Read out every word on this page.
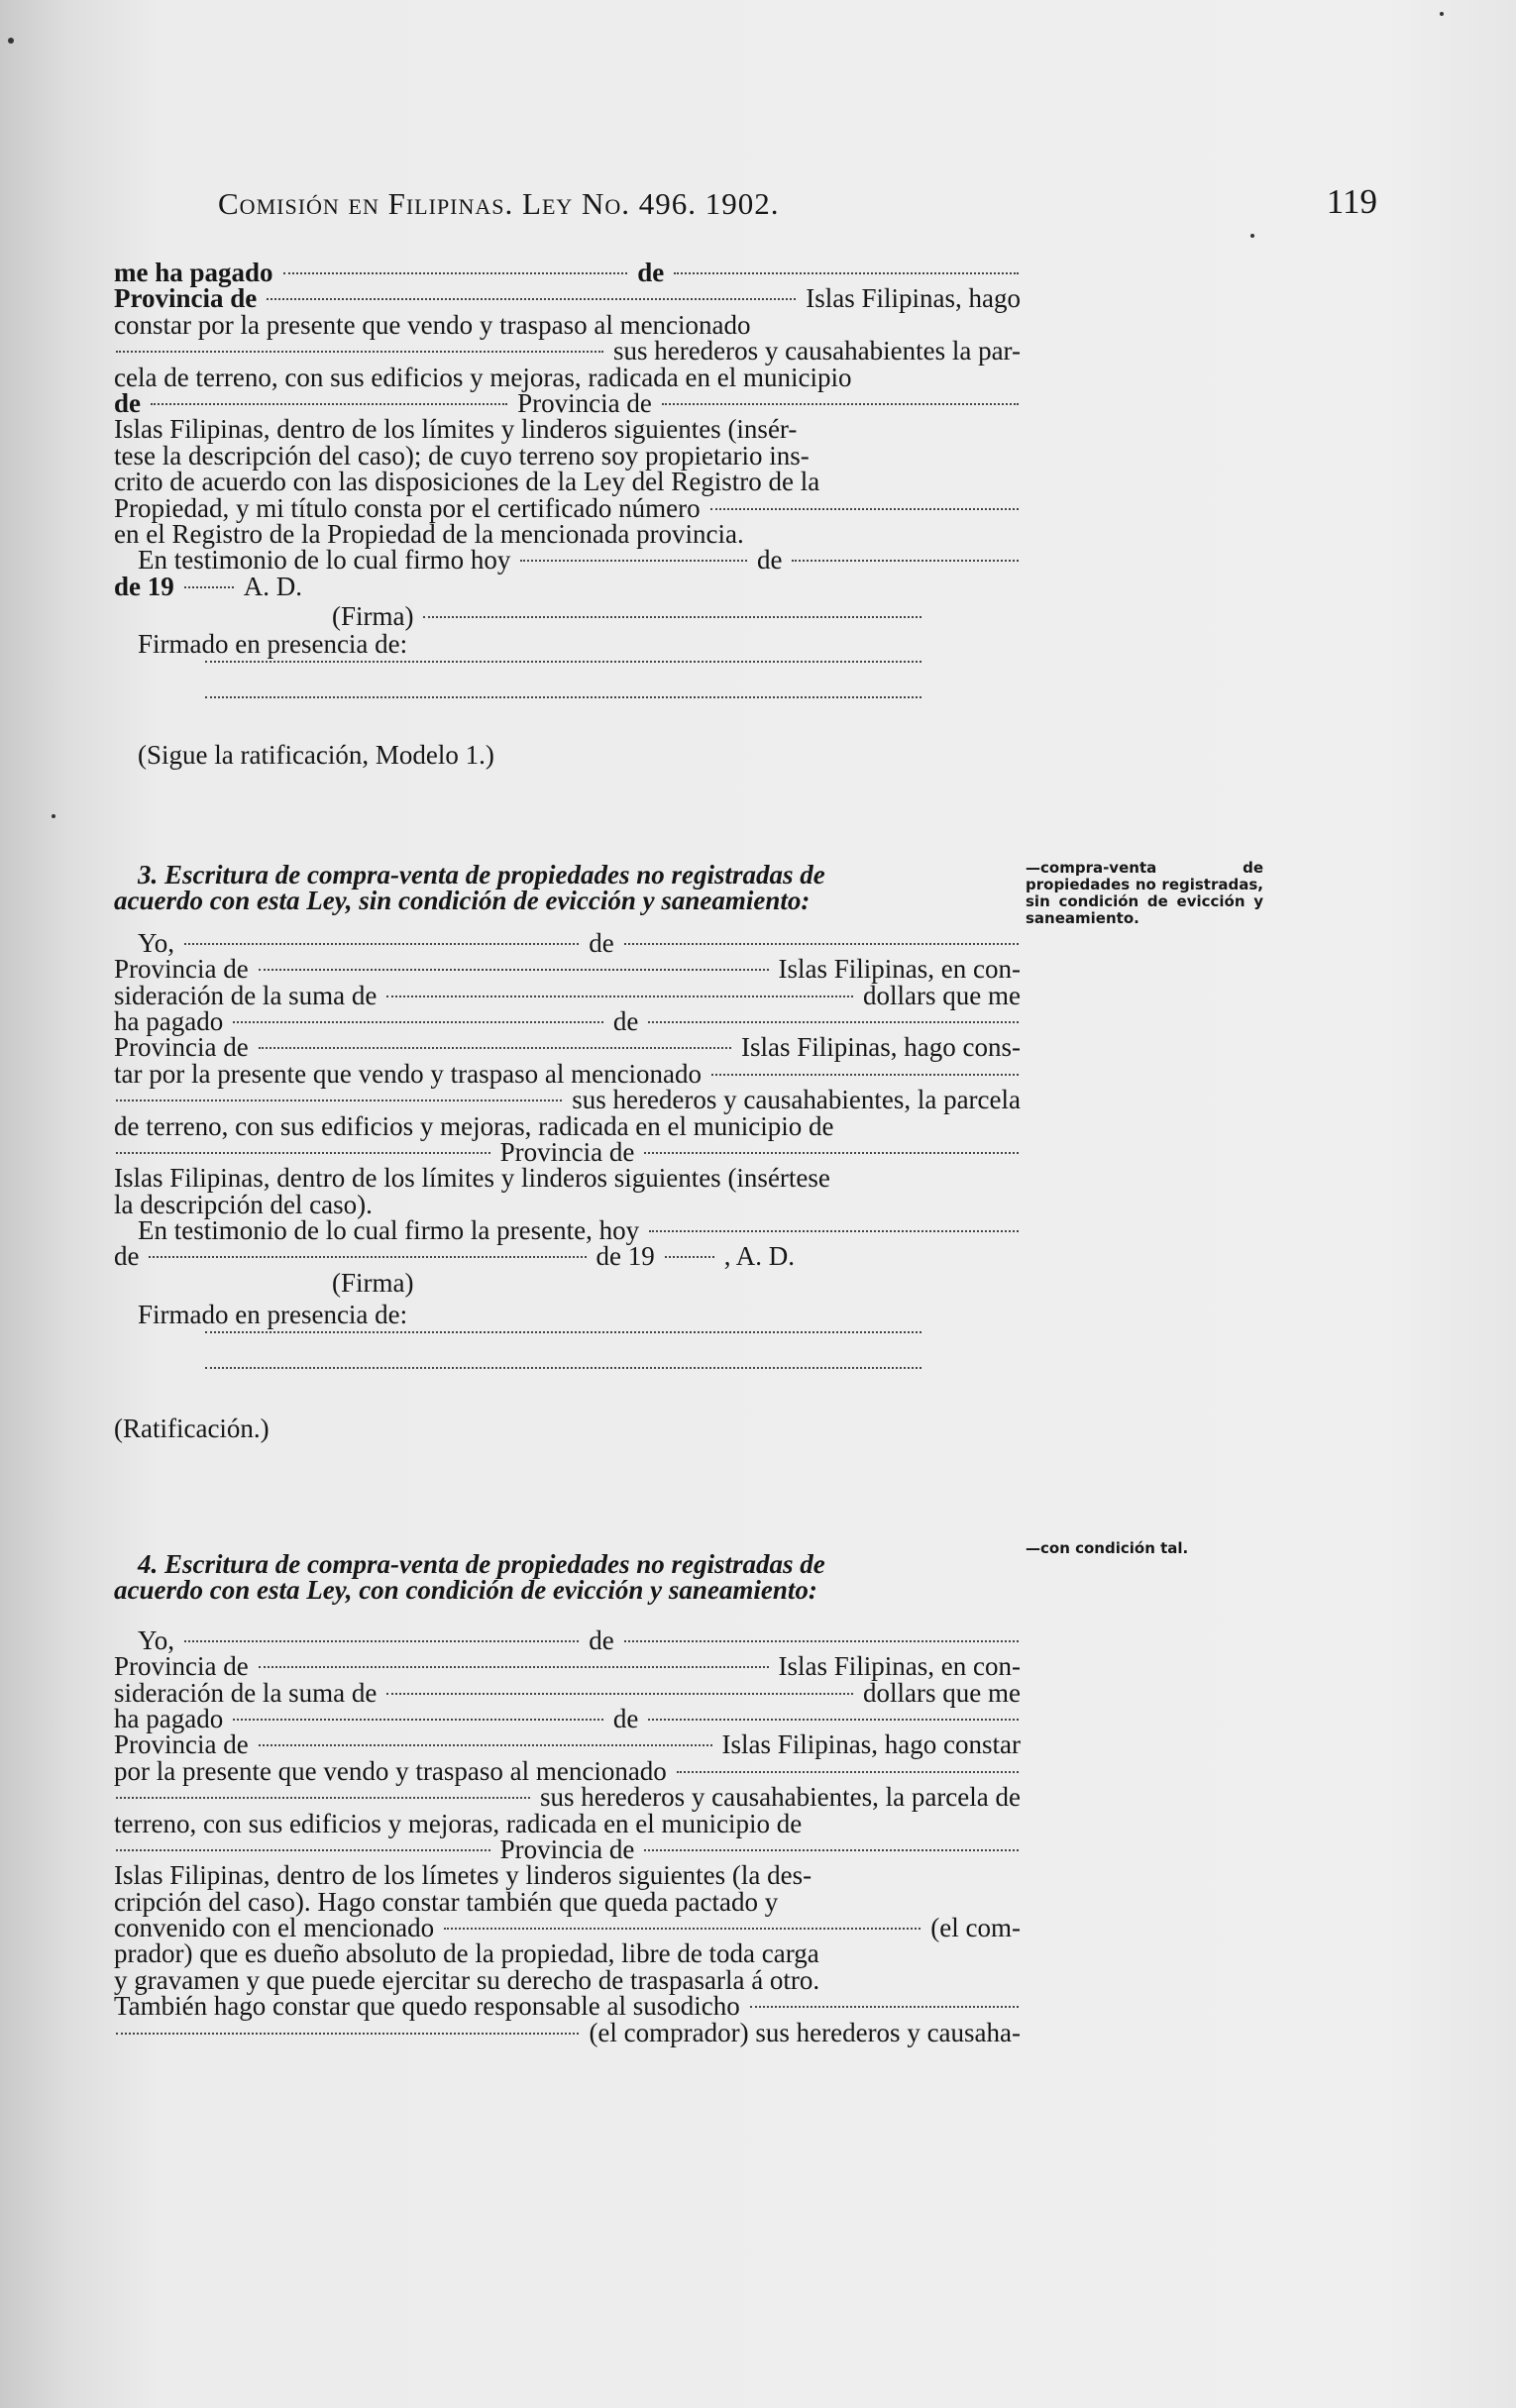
Comisión en Filipinas. Ley No. 496. 1902.	119
me ha pagado	de
Provincia de	Islas Filipinas, hago
constar por la presente que vendo y traspaso al mencionado
sus herederos y causahabientes la par-
cela de terreno, con sus edificios y mejoras, radicada en el municipio
de	Provincia de
Islas Filipinas, dentro de los límites y linderos siguientes (insér-
tese la descripción del caso); de cuyo terreno soy propietario ins-
crito de acuerdo con las disposiciones de la Ley del Registro de la
Propiedad, y mi título consta por el certificado número
en el Registro de la Propiedad de la mencionada provincia.
En testimonio de lo cual firmo hoy	de
de 19	A. D.
(Firma)
Firmado en presencia de:
(Sigue la ratificación, Modelo 1.)
3. Escritura de compra-venta de propiedades no registradas de
acuerdo con esta Ley, sin condición de evicción y saneamiento:
Yo,	de
Provincia de	Islas Filipinas, en con-
sideración de la suma de	dollars que me
ha pagado	de
Provincia de	Islas Filipinas, hago cons-
tar por la presente que vendo y traspaso al mencionado
sus herederos y causahabientes, la parcela
de terreno, con sus edificios y mejoras, radicada en el municipio de
Provincia de
Islas Filipinas, dentro de los límites y linderos siguientes (insértese
la descripción del caso).
En testimonio de lo cual firmo la presente, hoy
de	de 19	, A. D.
(Firma)
Firmado en presencia de:
(Ratificación.)
4. Escritura de compra-venta de propiedades no registradas de
acuerdo con esta Ley, con condición de evicción y saneamiento:
Yo,	de
Provincia de	Islas Filipinas, en con-
sideración de la suma de	dollars que me
ha pagado	de
Provincia de	Islas Filipinas, hago constar
por la presente que vendo y traspaso al mencionado
sus herederos y causahabientes, la parcela de
terreno, con sus edificios y mejoras, radicada en el municipio de
Provincia de
Islas Filipinas, dentro de los límetes y linderos siguientes (la des-
cripción del caso). Hago constar también que queda pactado y
convenido con el mencionado	(el com-
prador) que es dueño absoluto de la propiedad, libre de toda carga
y gravamen y que puede ejercitar su derecho de traspasarla á otro.
También hago constar que quedo responsable al susodicho
(el comprador) sus herederos y causaha-
—compra-venta de propiedades no registradas, sin condición de evicción y saneamiento.
—con condición tal.
